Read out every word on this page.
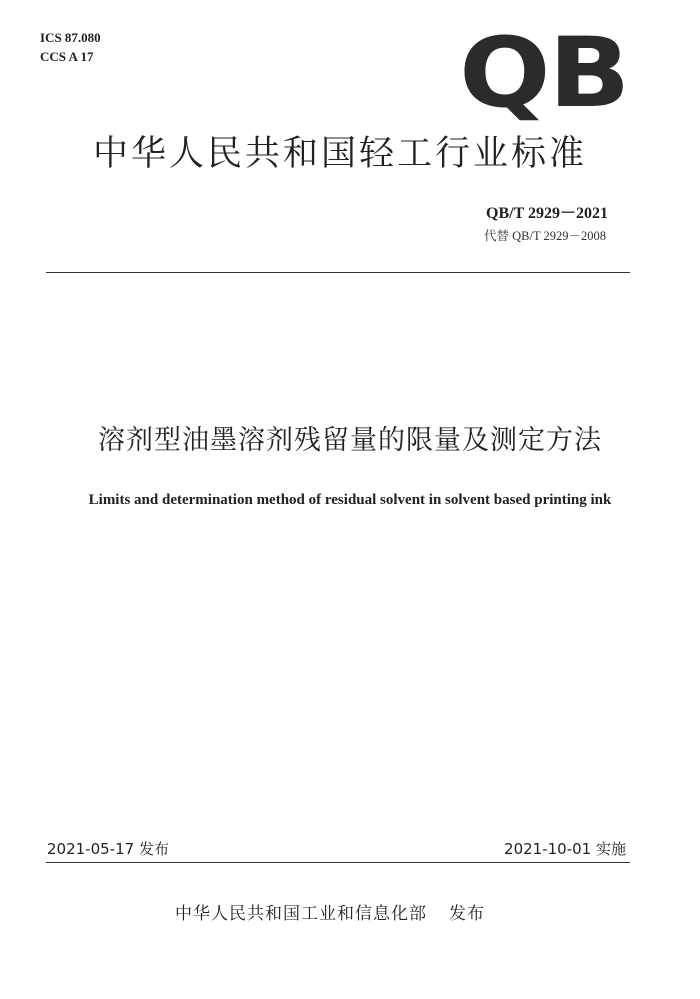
ICS 87.080
CCS A 17	QB
中华人民共和国轻工行业标准
QB/T 2929－2021
代替 QB/T 2929－2008
溶剂型油墨溶剂残留量的限量及测定方法
Limits and determination method of residual solvent in solvent based printing ink
2021-05-17 发布	2021-10-01 实施
中华人民共和国工业和信息化部 发布
